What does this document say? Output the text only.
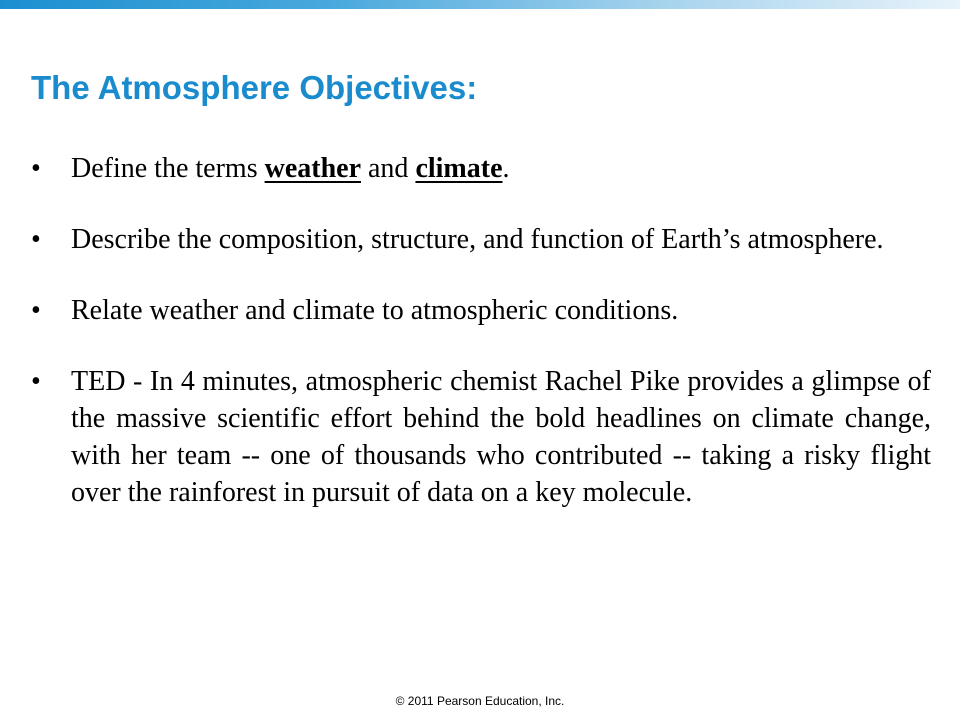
The Atmosphere Objectives:
•	Define the terms weather and climate.
•	Describe the composition, structure, and function of Earth’s atmosphere.
•	Relate weather and climate to atmospheric conditions.
•	TED - In 4 minutes, atmospheric chemist Rachel Pike provides a glimpse of the massive scientific effort behind the bold headlines on climate change, with her team -- one of thousands who contributed -- taking a risky flight over the rainforest in pursuit of data on a key molecule.
© 2011 Pearson Education, Inc.
